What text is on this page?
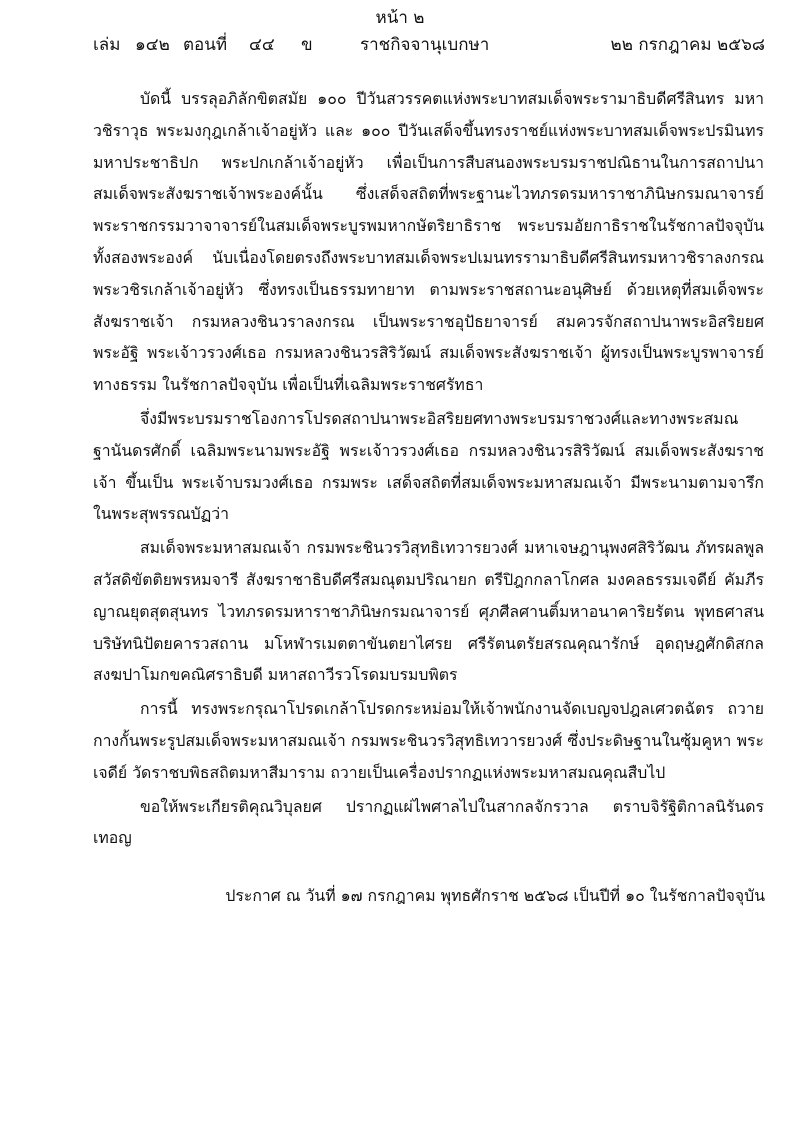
หน้า ๒
เล่ม ๑๔๒ ตอนที่ ๔๔ ข	ราชกิจจานุเบกษา	๒๒ กรกฎาคม ๒๕๖๘

บัดนี้ บรรลุอภิลักขิตสมัย ๑๐๐ ปีวันสวรรคตแห่งพระบาทสมเด็จพระรามาธิบดีศรีสินทร มหาวชิราวุธ พระมงกุฎเกล้าเจ้าอยู่หัว และ ๑๐๐ ปีวันเสด็จขึ้นทรงราชย์แห่งพระบาทสมเด็จพระปรมินทร มหาประชาธิปก พระปกเกล้าเจ้าอยู่หัว เพื่อเป็นการสืบสนองพระบรมราชปณิธานในการสถาปนา สมเด็จพระสังฆราชเจ้าพระองค์นั้น ซึ่งเสด็จสถิตที่พระฐานะไวทภรดรมหาราชาภินิษกรมณาจารย์ พระราชกรรมวาจาจารย์ในสมเด็จพระบูรพมหากษัตริยาธิราช พระบรมอัยกาธิราชในรัชกาลปัจจุบัน ทั้งสองพระองค์ นับเนื่องโดยตรงถึงพระบาทสมเด็จพระปเมนทรรามาธิบดีศรีสินทรมหาวชิราลงกรณ พระวชิรเกล้าเจ้าอยู่หัว ซึ่งทรงเป็นธรรมทายาท ตามพระราชสถานะอนุศิษย์ ด้วยเหตุที่สมเด็จพระสังฆราชเจ้า กรมหลวงชินวราลงกรณ เป็นพระราชอุปัธยาจารย์ สมควรจักสถาปนาพระอิสริยยศพระอัฐิ พระเจ้าวรวงศ์เธอ กรมหลวงชินวรสิริวัฒน์ สมเด็จพระสังฆราชเจ้า ผู้ทรงเป็นพระบูรพาจารย์ทางธรรม ในรัชกาลปัจจุบัน เพื่อเป็นที่เฉลิมพระราชศรัทธา

จึ่งมีพระบรมราชโองการโปรดสถาปนาพระอิสริยยศทางพระบรมราชวงศ์และทางพระสมณ ฐานันดรศักดิ์ เฉลิมพระนามพระอัฐิ พระเจ้าวรวงศ์เธอ กรมหลวงชินวรสิริวัฒน์ สมเด็จพระสังฆราชเจ้า ขึ้นเป็น พระเจ้าบรมวงศ์เธอ กรมพระ เสด็จสถิตที่สมเด็จพระมหาสมณเจ้า มีพระนามตามจารึก ในพระสุพรรณบัฏว่า

สมเด็จพระมหาสมณเจ้า กรมพระชินวรวิสุทธิเทวารยวงศ์ มหาเจษฎานุพงศสิริวัฒน ภัทรผลพูลสวัสดิขัตติยพรหมจารี สังฆราชาธิบดีศรีสมณุตมปริณายก ตรีปิฎกกลาโกศล มงคลธรรมเจดีย์ คัมภีรญาณยุตสุตสุนทร ไวทภรดรมหาราชาภินิษกรมณาจารย์ ศุภศีลศานติ์มหาอนาคาริยรัตน พุทธศาสนบริษัทนิปัตยคารวสถาน มโหฬารเมตตาขันตยาไศรย ศรีรัตนตรัยสรณคุณารักษ์ อุดฤษฎศักดิสกล สงฆปาโมกขคณิศราธิบดี มหาสถาวีรวโรดมบรมบพิตร

การนี้ ทรงพระกรุณาโปรดเกล้าโปรดกระหม่อมให้เจ้าพนักงานจัดเบญจปฎลเศวตฉัตร ถวายกางกั้นพระรูปสมเด็จพระมหาสมณเจ้า กรมพระชินวรวิสุทธิเทวารยวงศ์ ซึ่งประดิษฐานในซุ้มคูหา พระเจดีย์ วัดราชบพิธสถิตมหาสีมาราม ถวายเป็นเครื่องปรากฏแห่งพระมหาสมณคุณสืบไป

ขอให้พระเกียรติคุณวิบุลยศ ปรากฏแผ่ไพศาลไปในสากลจักรวาล ตราบจิรัฐิติกาลนิรันดร เทอญ

ประกาศ ณ วันที่ ๑๗ กรกฎาคม พุทธศักราช ๒๕๖๘ เป็นปีที่ ๑๐ ในรัชกาลปัจจุบัน
